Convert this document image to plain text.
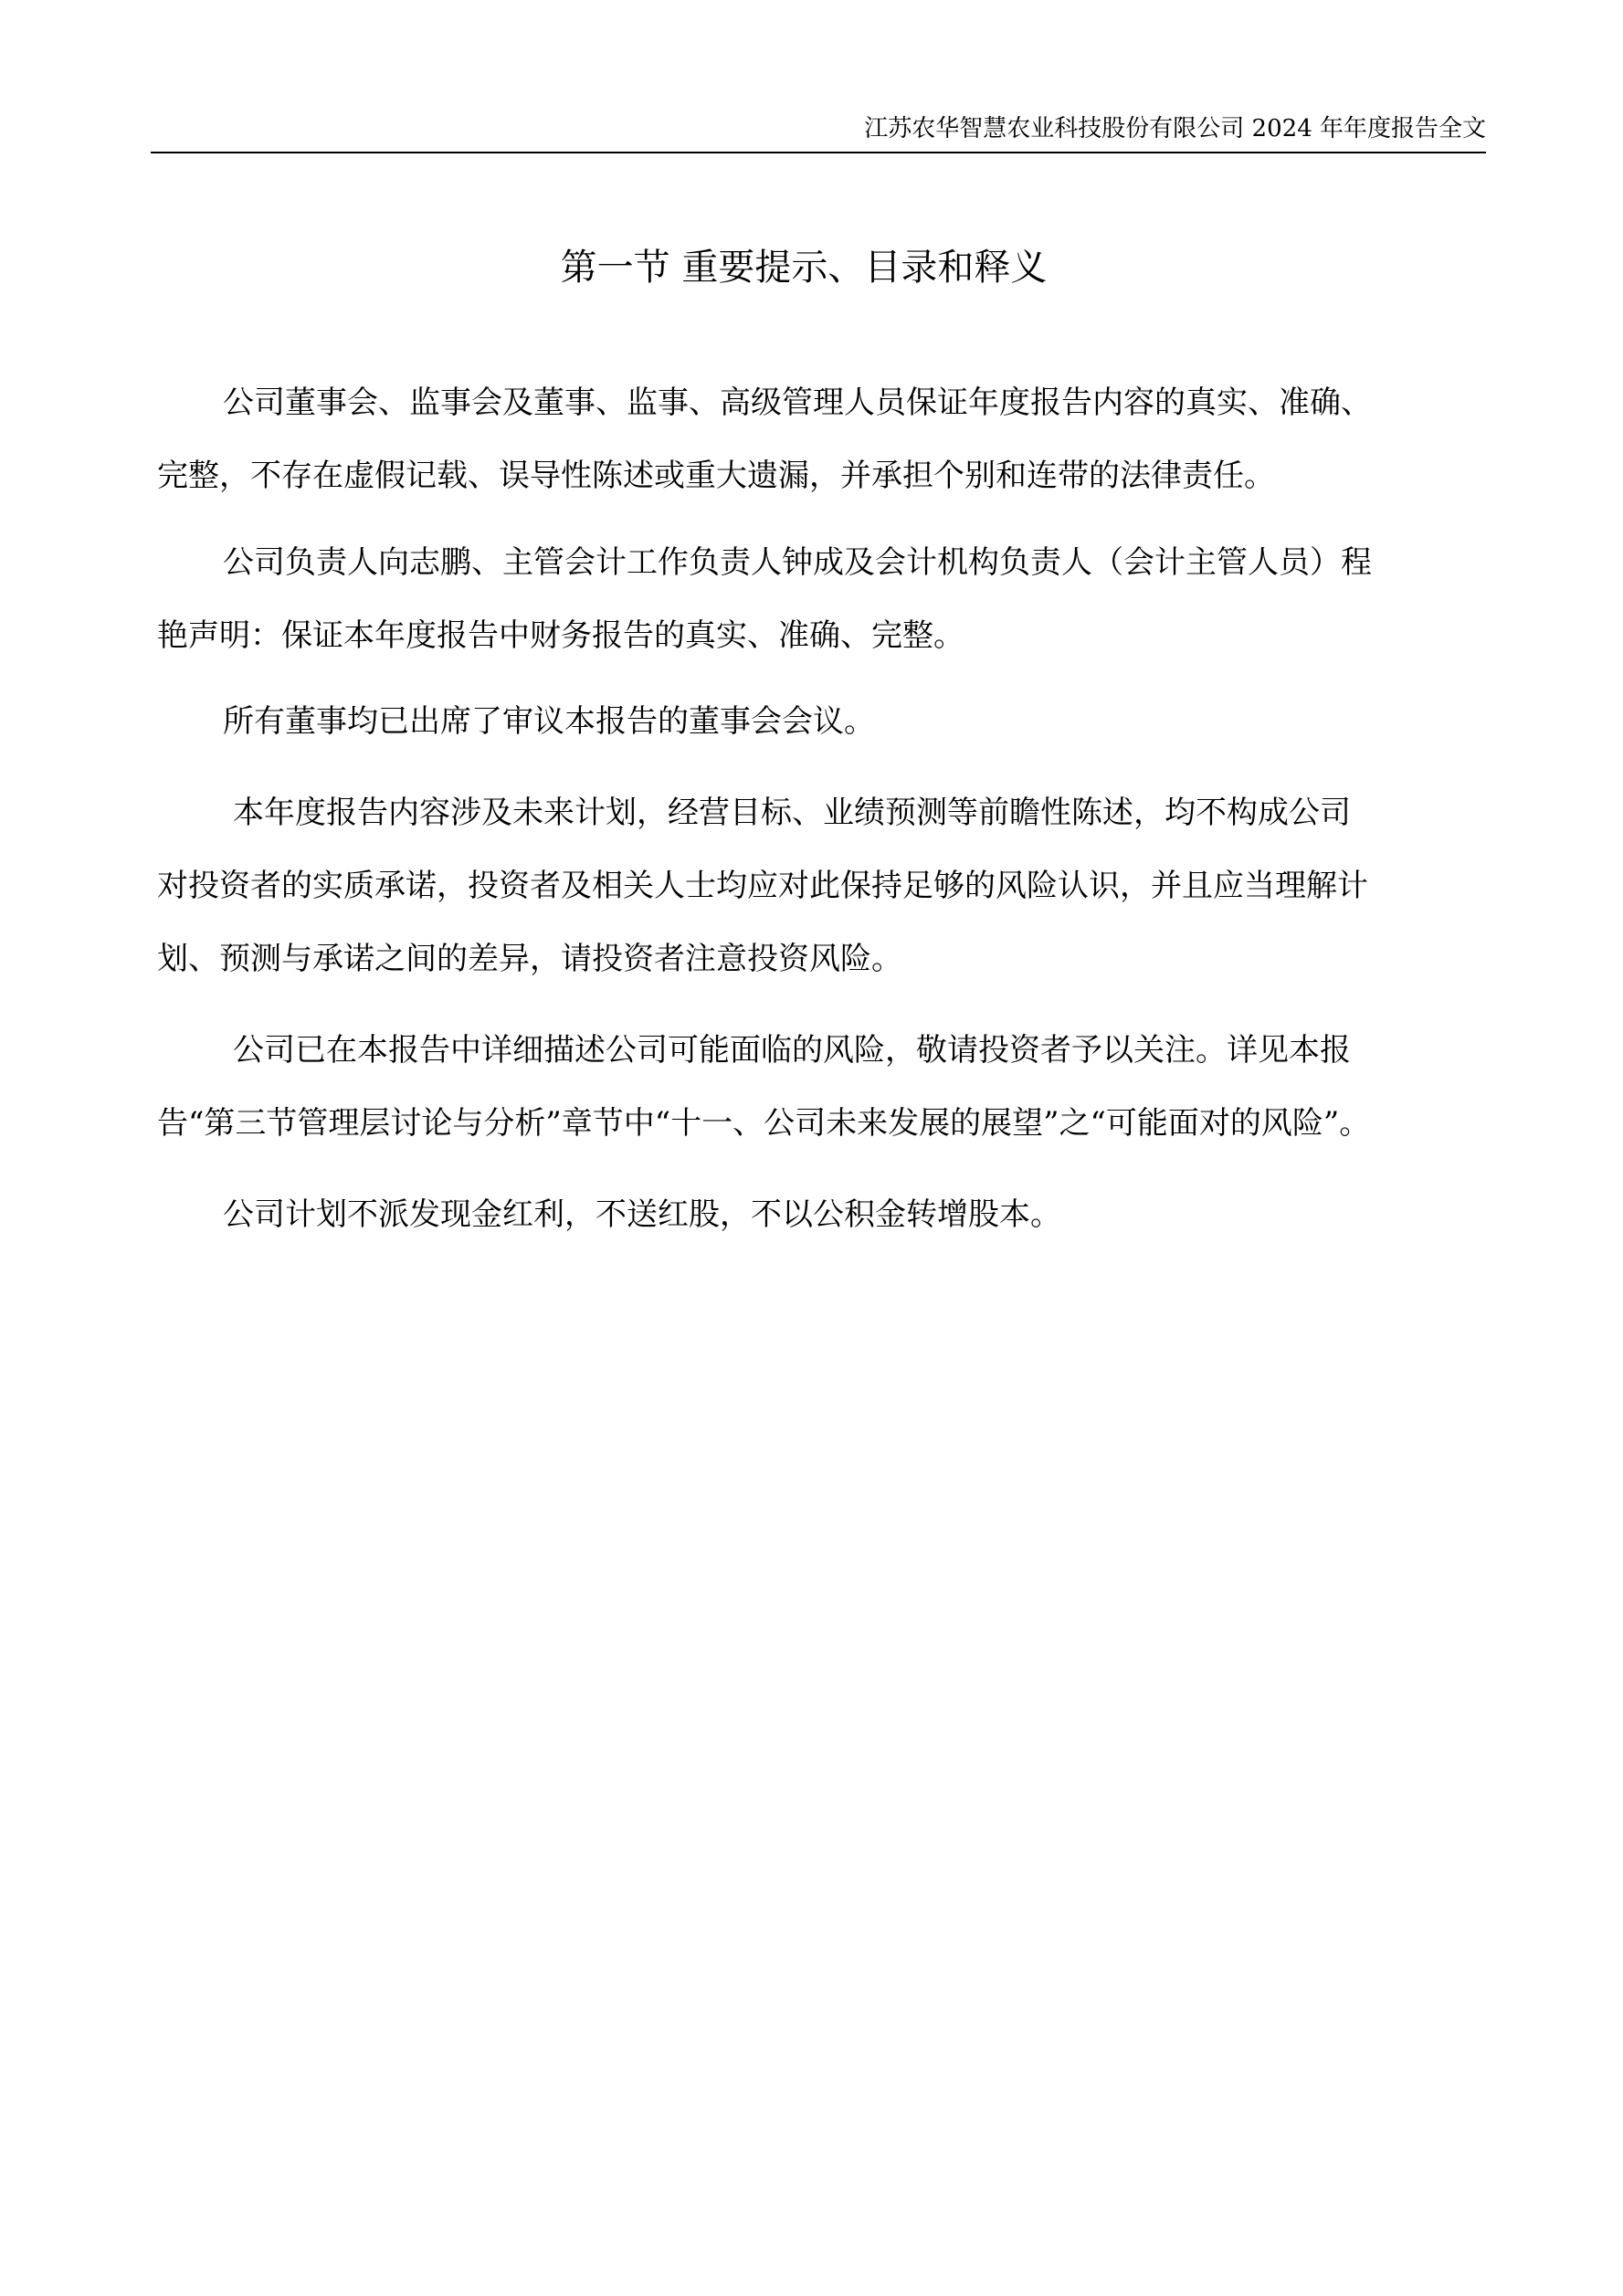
江苏农华智慧农业科技股份有限公司 2024 年年度报告全文
第一节 重要提示、目录和释义

公司董事会、监事会及董事、监事、高级管理人员保证年度报告内容的真实、准确、
完整，不存在虚假记载、误导性陈述或重大遗漏，并承担个别和连带的法律责任。

公司负责人向志鹏、主管会计工作负责人钟成及会计机构负责人（会计主管人员）程
艳声明：保证本年度报告中财务报告的真实、准确、完整。

所有董事均已出席了审议本报告的董事会会议。

本年度报告内容涉及未来计划，经营目标、业绩预测等前瞻性陈述，均不构成公司
对投资者的实质承诺，投资者及相关人士均应对此保持足够的风险认识，并且应当理解计
划、预测与承诺之间的差异，请投资者注意投资风险。

公司已在本报告中详细描述公司可能面临的风险，敬请投资者予以关注。详见本报
告“第三节管理层讨论与分析”章节中“十一、公司未来发展的展望”之“可能面对的风险”。

公司计划不派发现金红利，不送红股，不以公积金转增股本。
